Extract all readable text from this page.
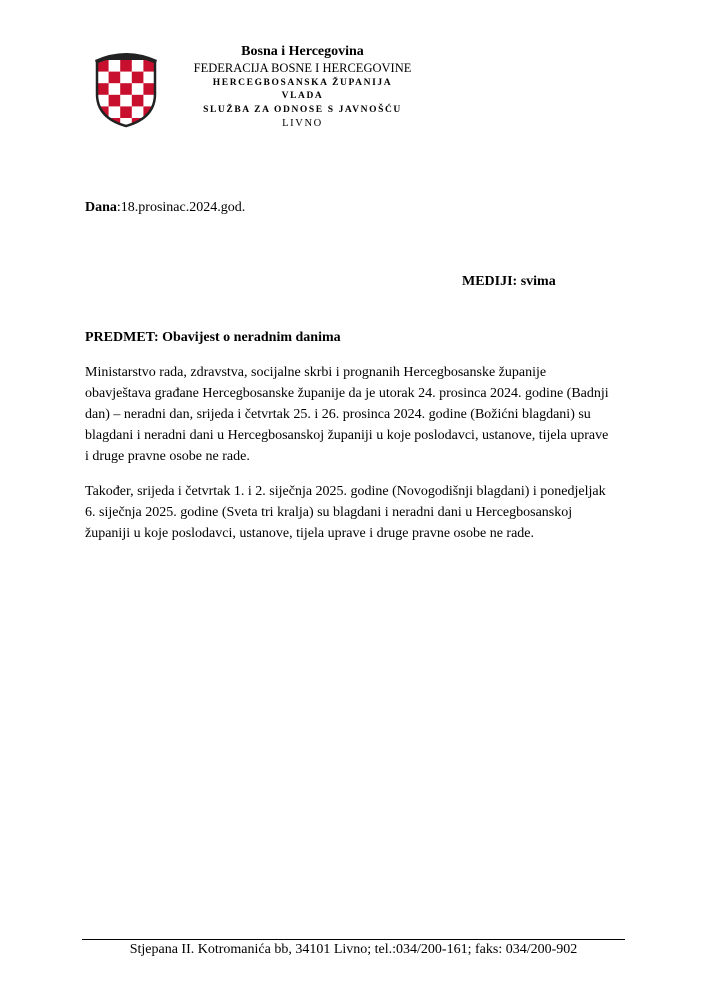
Bosna i Hercegovina
FEDERACIJA BOSNE I HERCEGOVINE
HERCEGBOSANSKA ŽUPANIJA
VLADA
SLUŽBA ZA ODNOSE S JAVNOŠĆU
LIVNO
Dana:18.prosinac.2024.god.
MEDIJI: svima
PREDMET: Obavijest o neradnim danima
Ministarstvo rada, zdravstva, socijalne skrbi i prognanih Hercegbosanske županije
obavještava građane Hercegbosanske županije da je utorak 24. prosinca 2024. godine (Badnji
dan) – neradni dan, srijeda i četvrtak 25. i 26. prosinca 2024. godine (Božićni blagdani) su
blagdani i neradni dani u Hercegbosanskoj županiji u koje poslodavci, ustanove, tijela uprave
i druge pravne osobe ne rade.
Također, srijeda i četvrtak 1. i 2. siječnja 2025. godine (Novogodišnji blagdani) i ponedjeljak
6. siječnja 2025. godine (Sveta tri kralja) su blagdani i neradni dani u Hercegbosanskoj
županiji u koje poslodavci, ustanove, tijela uprave i druge pravne osobe ne rade.
Stjepana II. Kotromanića bb, 34101 Livno; tel.:034/200-161; faks: 034/200-902
